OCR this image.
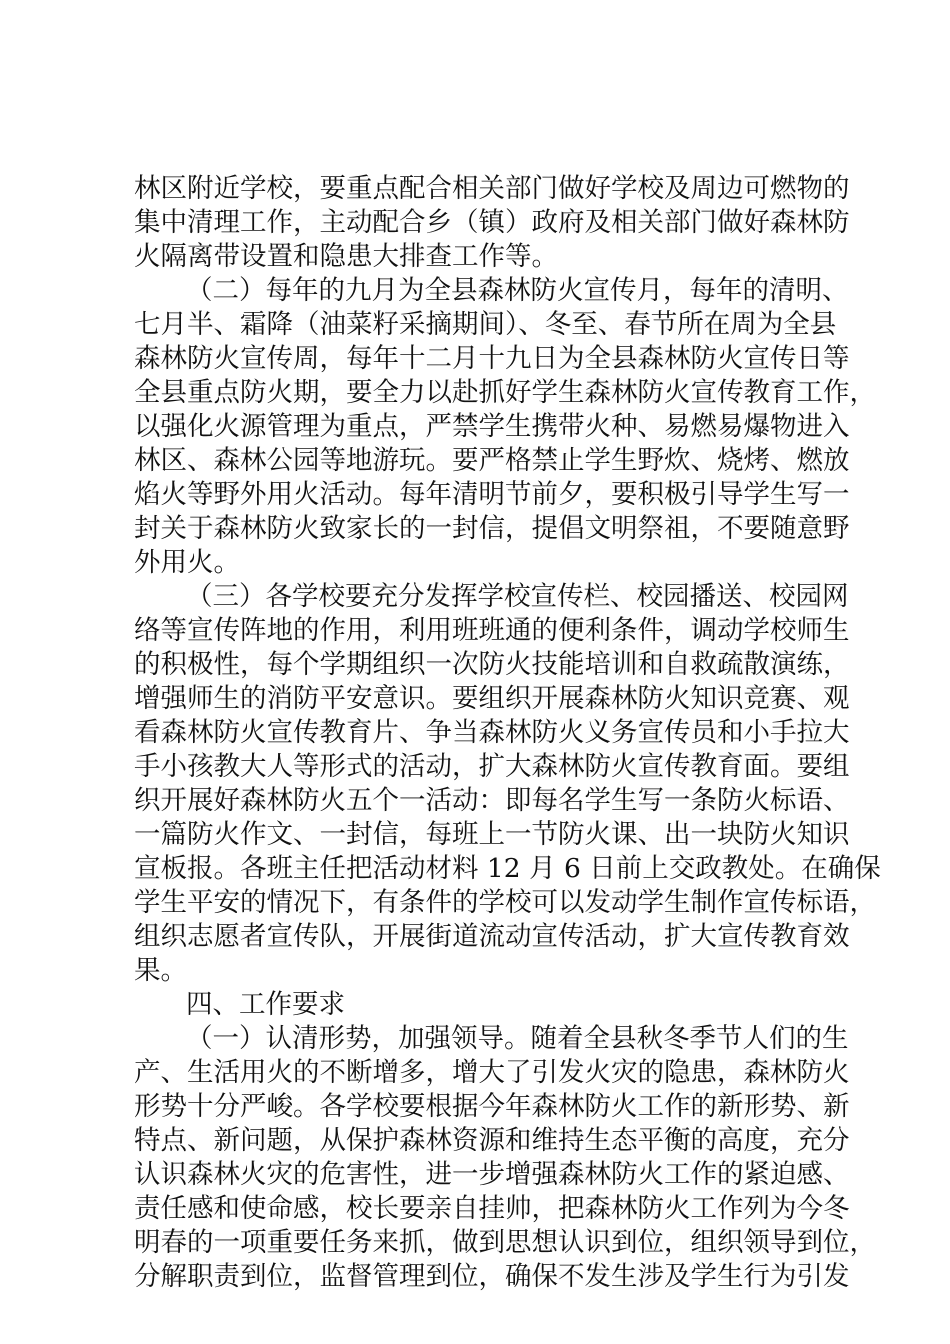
林区附近学校，要重点配合相关部门做好学校及周边可燃物的
集中清理工作，主动配合乡（镇）政府及相关部门做好森林防
火隔离带设置和隐患大排查工作等。
（二）每年的九月为全县森林防火宣传月，每年的清明、
七月半、霜降（油菜籽采摘期间）、冬至、春节所在周为全县
森林防火宣传周，每年十二月十九日为全县森林防火宣传日等
全县重点防火期，要全力以赴抓好学生森林防火宣传教育工作，
以强化火源管理为重点，严禁学生携带火种、易燃易爆物进入
林区、森林公园等地游玩。要严格禁止学生野炊、烧烤、燃放
焰火等野外用火活动。每年清明节前夕，要积极引导学生写一
封关于森林防火致家长的一封信，提倡文明祭祖，不要随意野
外用火。
（三）各学校要充分发挥学校宣传栏、校园播送、校园网
络等宣传阵地的作用，利用班班通的便利条件，调动学校师生
的积极性，每个学期组织一次防火技能培训和自救疏散演练，
增强师生的消防平安意识。要组织开展森林防火知识竞赛、观
看森林防火宣传教育片、争当森林防火义务宣传员和小手拉大
手小孩教大人等形式的活动，扩大森林防火宣传教育面。要组
织开展好森林防火五个一活动：即每名学生写一条防火标语、
一篇防火作文、一封信，每班上一节防火课、出一块防火知识
宣板报。各班主任把活动材料 12 月 6 日前上交政教处。在确保
学生平安的情况下，有条件的学校可以发动学生制作宣传标语，
组织志愿者宣传队，开展街道流动宣传活动，扩大宣传教育效
果。
四、工作要求
（一）认清形势，加强领导。随着全县秋冬季节人们的生
产、生活用火的不断增多，增大了引发火灾的隐患，森林防火
形势十分严峻。各学校要根据今年森林防火工作的新形势、新
特点、新问题，从保护森林资源和维持生态平衡的高度，充分
认识森林火灾的危害性，进一步增强森林防火工作的紧迫感、
责任感和使命感，校长要亲自挂帅，把森林防火工作列为今冬
明春的一项重要任务来抓，做到思想认识到位，组织领导到位，
分解职责到位，监督管理到位，确保不发生涉及学生行为引发
